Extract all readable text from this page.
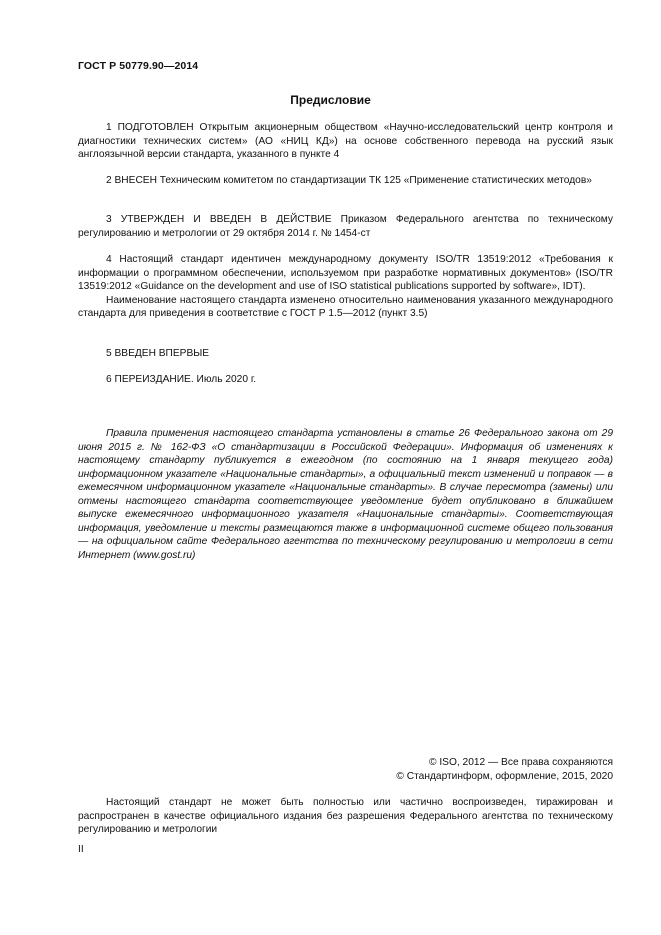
ГОСТ Р 50779.90—2014
Предисловие

1 ПОДГОТОВЛЕН Открытым акционерным обществом «Научно-исследовательский центр контроля и диагностики технических систем» (АО «НИЦ КД») на основе собственного перевода на русский язык англоязычной версии стандарта, указанного в пункте 4

2 ВНЕСЕН Техническим комитетом по стандартизации ТК 125 «Применение статистических методов»

3 УТВЕРЖДЕН И ВВЕДЕН В ДЕЙСТВИЕ Приказом Федерального агентства по техническому регулированию и метрологии от 29 октября 2014 г. № 1454-ст

4 Настоящий стандарт идентичен международному документу ISO/TR 13519:2012 «Требования к информации о программном обеспечении, используемом при разработке нормативных документов» (ISO/TR 13519:2012 «Guidance on the development and use of ISO statistical publications supported by software», IDT).

Наименование настоящего стандарта изменено относительно наименования указанного международного стандарта для приведения в соответствие с ГОСТ Р 1.5—2012 (пункт 3.5)

5 ВВЕДЕН ВПЕРВЫЕ

6 ПЕРЕИЗДАНИЕ. Июль 2020 г.

Правила применения настоящего стандарта установлены в статье 26 Федерального закона от 29 июня 2015 г. № 162-ФЗ «О стандартизации в Российской Федерации». Информация об изменениях к настоящему стандарту публикуется в ежегодном (по состоянию на 1 января текущего года) информационном указателе «Национальные стандарты», а официальный текст изменений и поправок — в ежемесячном информационном указателе «Национальные стандарты». В случае пересмотра (замены) или отмены настоящего стандарта соответствующее уведомление будет опубликовано в ближайшем выпуске ежемесячного информационного указателя «Национальные стандарты». Соответствующая информация, уведомление и тексты размещаются также в информационной системе общего пользования — на официальном сайте Федерального агентства по техническому регулированию и метрологии в сети Интернет (www.gost.ru)

© ISO, 2012 — Все права сохраняются
© Стандартинформ, оформление, 2015, 2020

Настоящий стандарт не может быть полностью или частично воспроизведен, тиражирован и распространен в качестве официального издания без разрешения Федерального агентства по техническому регулированию и метрологии

II
